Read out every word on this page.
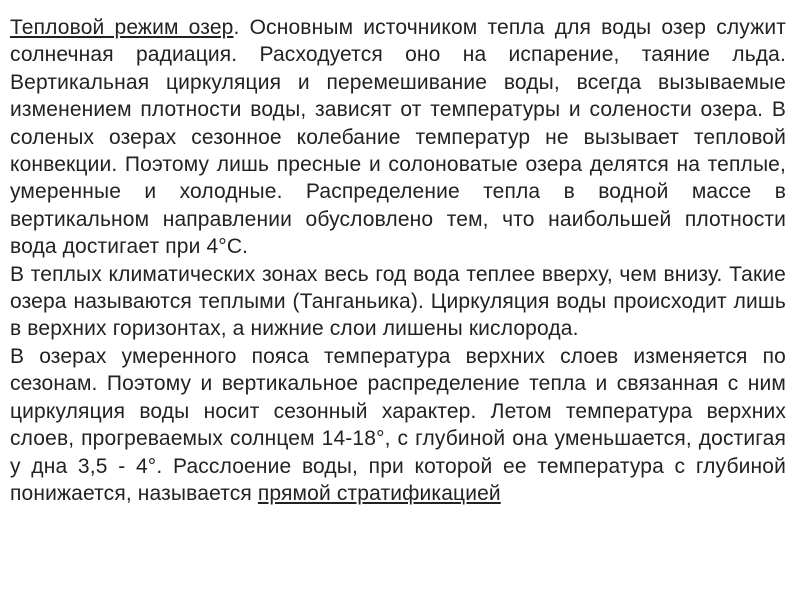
Тепловой режим озер. Основным источником тепла для воды озер служит солнечная радиация. Расходуется оно на испарение, таяние льда. Вертикальная циркуляция и перемешивание воды, всегда вызываемые изменением плотности воды, зависят от температуры и солености озера. В соленых озерах сезонное колебание температур не вызывает тепловой конвекции. Поэтому лишь пресные и солоноватые озера делятся на теплые, умеренные и холодные. Распределение тепла в водной массе в вертикальном направлении обусловлено тем, что наибольшей плотности вода достигает при 4°С.

В теплых климатических зонах весь год вода теплее вверху, чем внизу. Такие озера называются теплыми (Танганьика). Циркуляция воды происходит лишь в верхних горизонтах, а нижние слои лишены кислорода.

В озерах умеренного пояса температура верхних слоев изменяется по сезонам. Поэтому и вертикальное распределение тепла и связанная с ним циркуляция воды носит сезонный характер. Летом температура верхних слоев, прогреваемых солнцем 14-18°, с глубиной она уменьшается, достигая у дна 3,5 - 4°. Расслоение воды, при которой ее температура с глубиной понижается, называется прямой стратификацией
